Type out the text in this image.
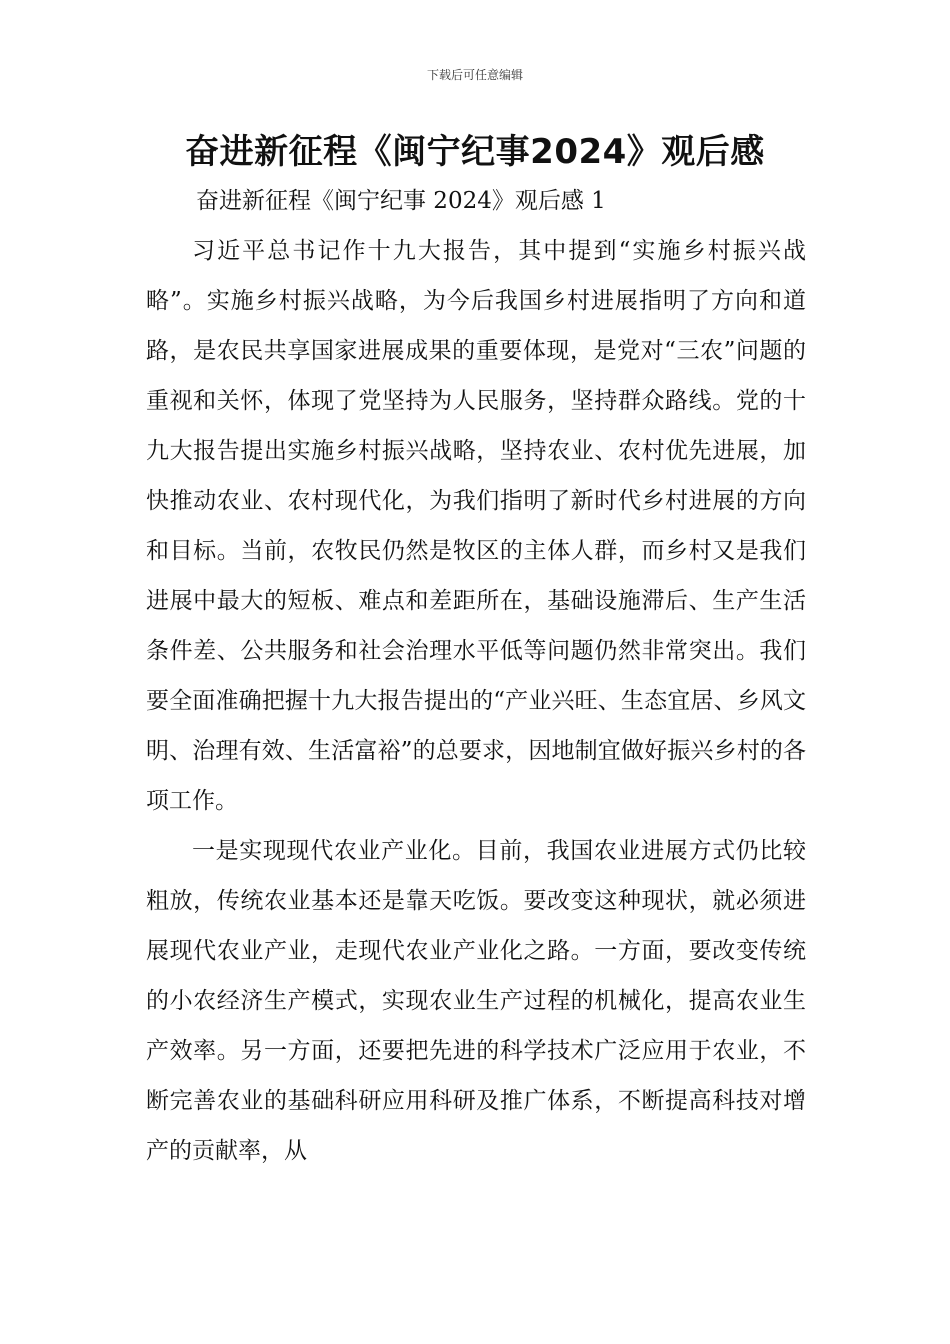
下载后可任意编辑
奋进新征程《闽宁纪事2024》观后感
奋进新征程《闽宁纪事 2024》观后感 1

习近平总书记作十九大报告，其中提到“实施乡村振兴战略”。实施乡村振兴战略，为今后我国乡村进展指明了方向和道路，是农民共享国家进展成果的重要体现，是党对“三农”问题的重视和关怀，体现了党坚持为人民服务，坚持群众路线。党的十九大报告提出实施乡村振兴战略，坚持农业、农村优先进展，加快推动农业、农村现代化，为我们指明了新时代乡村进展的方向和目标。当前，农牧民仍然是牧区的主体人群，而乡村又是我们进展中最大的短板、难点和差距所在，基础设施滞后、生产生活条件差、公共服务和社会治理水平低等问题仍然非常突出。我们要全面准确把握十九大报告提出的“产业兴旺、生态宜居、乡风文明、治理有效、生活富裕”的总要求，因地制宜做好振兴乡村的各项工作。

一是实现现代农业产业化。目前，我国农业进展方式仍比较粗放，传统农业基本还是靠天吃饭。要改变这种现状，就必须进展现代农业产业，走现代农业产业化之路。一方面，要改变传统的小农经济生产模式，实现农业生产过程的机械化，提高农业生产效率。另一方面，还要把先进的科学技术广泛应用于农业，不断完善农业的基础科研应用科研及推广体系，不断提高科技对增产的贡献率，从
